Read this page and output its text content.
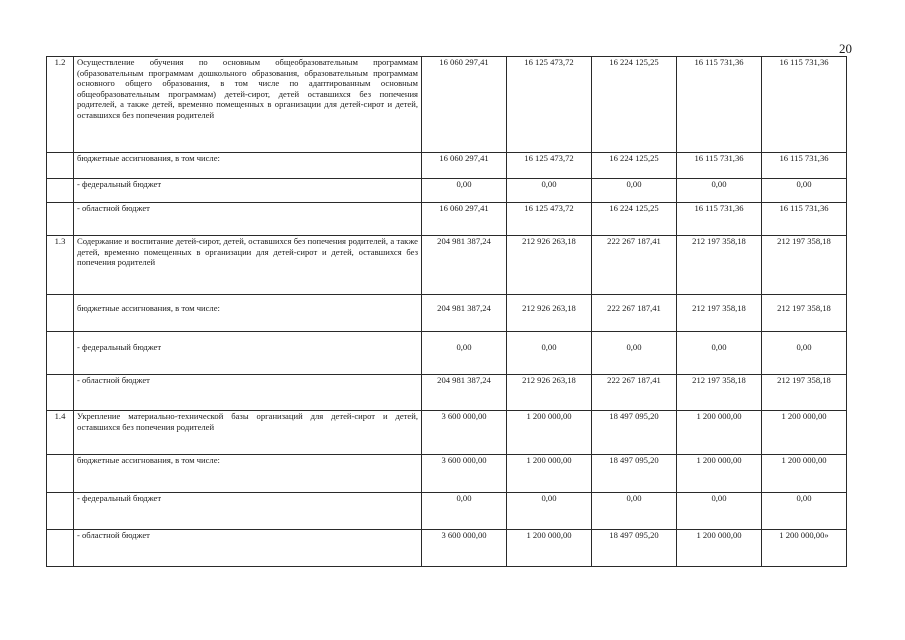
20
1.2	Осуществление обучения по основным общеобразовательным программам (образовательным программам дошкольного образования, образовательным программам основного общего образования, в том числе по адаптированным основным общеобразовательным программам) детей-сирот, детей оставшихся без попечения родителей, а также детей, временно помещенных в организации для детей-сирот и детей, оставшихся без попечения родителей	16 060 297,41	16 125 473,72	16 224 125,25	16 115 731,36	16 115 731,36
	бюджетные ассигнования, в том числе:	16 060 297,41	16 125 473,72	16 224 125,25	16 115 731,36	16 115 731,36
	- федеральный бюджет	0,00	0,00	0,00	0,00	0,00
	- областной бюджет	16 060 297,41	16 125 473,72	16 224 125,25	16 115 731,36	16 115 731,36
1.3	Содержание и воспитание детей-сирот, детей, оставшихся без попечения родителей, а также детей, временно помещенных в организации для детей-сирот и детей, оставшихся без попечения родителей	204 981 387,24	212 926 263,18	222 267 187,41	212 197 358,18	212 197 358,18
	бюджетные ассигнования, в том числе:	204 981 387,24	212 926 263,18	222 267 187,41	212 197 358,18	212 197 358,18
	- федеральный бюджет	0,00	0,00	0,00	0,00	0,00
	- областной бюджет	204 981 387,24	212 926 263,18	222 267 187,41	212 197 358,18	212 197 358,18
1.4	Укрепление материально-технической базы организаций для детей-сирот и детей, оставшихся без попечения родителей	3 600 000,00	1 200 000,00	18 497 095,20	1 200 000,00	1 200 000,00
	бюджетные ассигнования, в том числе:	3 600 000,00	1 200 000,00	18 497 095,20	1 200 000,00	1 200 000,00
	- федеральный бюджет	0,00	0,00	0,00	0,00	0,00
	- областной бюджет	3 600 000,00	1 200 000,00	18 497 095,20	1 200 000,00	1 200 000,00»
